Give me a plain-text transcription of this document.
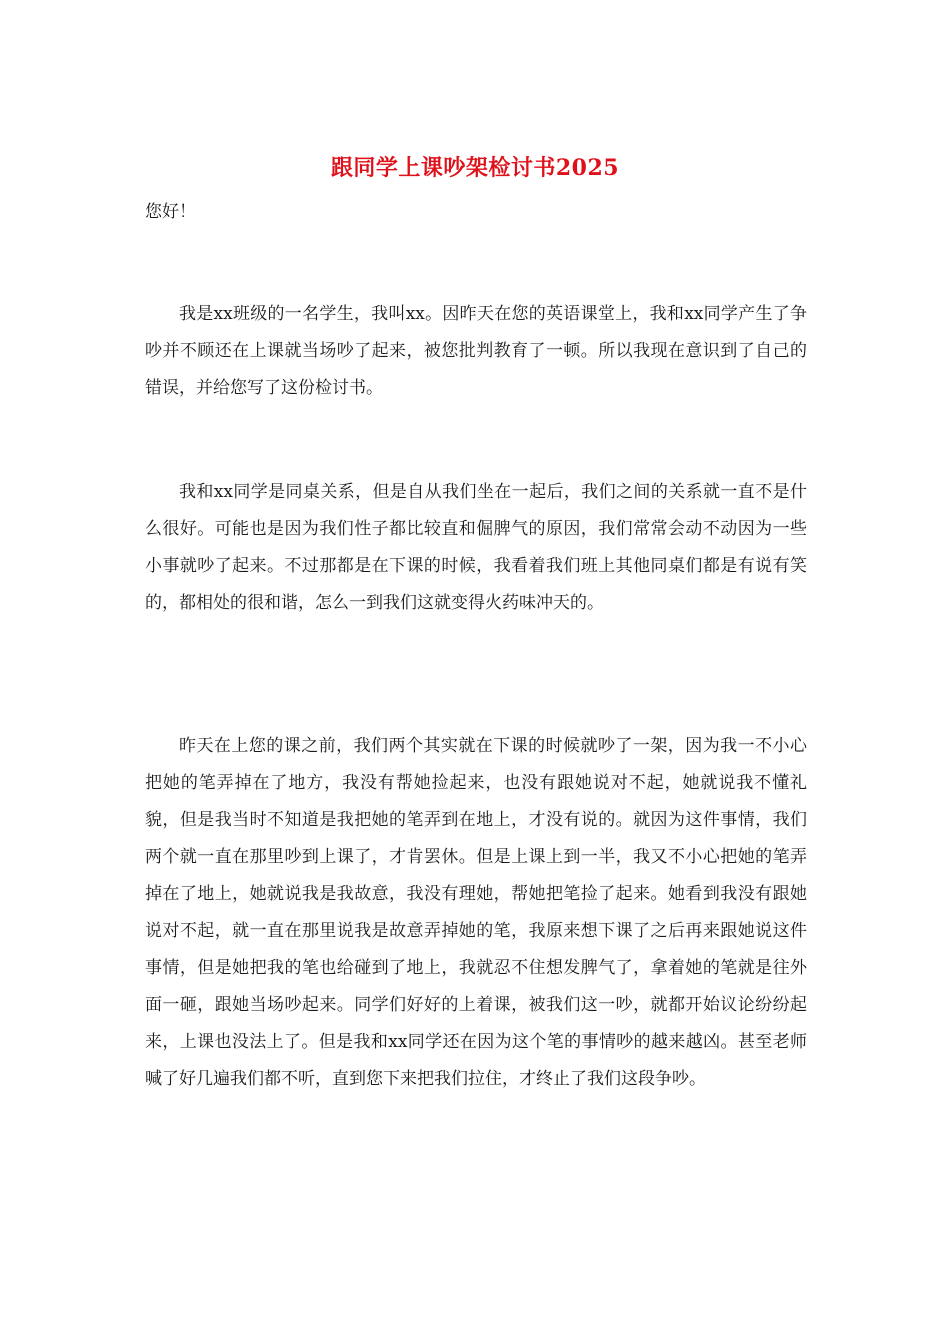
跟同学上课吵架检讨书2025
您好！

我是xx班级的一名学生，我叫xx。因昨天在您的英语课堂上，我和xx同学产生了争吵并不顾还在上课就当场吵了起来，被您批判教育了一顿。所以我现在意识到了自己的错误，并给您写了这份检讨书。

我和xx同学是同桌关系，但是自从我们坐在一起后，我们之间的关系就一直不是什么很好。可能也是因为我们性子都比较直和倔脾气的原因，我们常常会动不动因为一些小事就吵了起来。不过那都是在下课的时候，我看着我们班上其他同桌们都是有说有笑的，都相处的很和谐，怎么一到我们这就变得火药味冲天的。

昨天在上您的课之前，我们两个其实就在下课的时候就吵了一架，因为我一不小心把她的笔弄掉在了地方，我没有帮她捡起来，也没有跟她说对不起，她就说我不懂礼貌，但是我当时不知道是我把她的笔弄到在地上，才没有说的。就因为这件事情，我们两个就一直在那里吵到上课了，才肯罢休。但是上课上到一半，我又不小心把她的笔弄掉在了地上，她就说我是我故意，我没有理她，帮她把笔捡了起来。她看到我没有跟她说对不起，就一直在那里说我是故意弄掉她的笔，我原来想下课了之后再来跟她说这件事情，但是她把我的笔也给碰到了地上，我就忍不住想发脾气了，拿着她的笔就是往外面一砸，跟她当场吵起来。同学们好好的上着课，被我们这一吵，就都开始议论纷纷起来，上课也没法上了。但是我和xx同学还在因为这个笔的事情吵的越来越凶。甚至老师喊了好几遍我们都不听，直到您下来把我们拉住，才终止了我们这段争吵。
